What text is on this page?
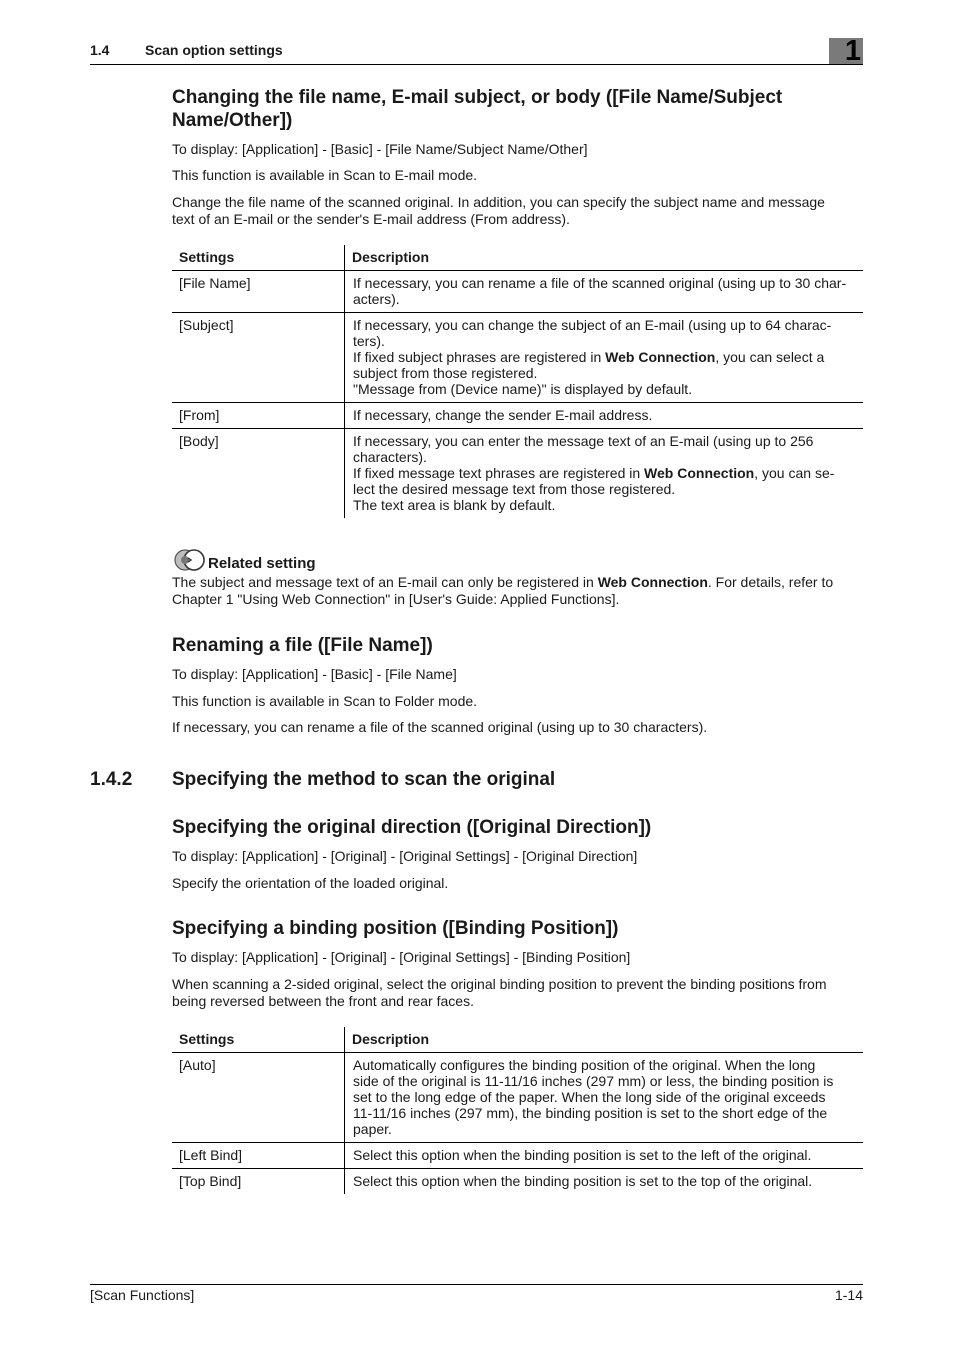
1.4	Scan option settings	1
Changing the file name, E-mail subject, or body ([File Name/Subject
Name/Other])
To display: [Application] - [Basic] - [File Name/Subject Name/Other]
This function is available in Scan to E-mail mode.
Change the file name of the scanned original. In addition, you can specify the subject name and message
text of an E-mail or the sender's E-mail address (From address).
Settings	Description
[File Name]	If necessary, you can rename a file of the scanned original (using up to 30 char-
acters).

[Subject]	If necessary, you can change the subject of an E-mail (using up to 64 charac-
ters).
If fixed subject phrases are registered in Web Connection, you can select a
subject from those registered.
"Message from (Device name)" is displayed by default.

[From]	If necessary, change the sender E-mail address.
[Body]	If necessary, you can enter the message text of an E-mail (using up to 256
characters).
If fixed message text phrases are registered in Web Connection, you can se-
lect the desired message text from those registered.
The text area is blank by default.
Related setting
The subject and message text of an E-mail can only be registered in Web Connection. For details, refer to
Chapter 1 "Using Web Connection" in [User's Guide: Applied Functions].
Renaming a file ([File Name])
To display: [Application] - [Basic] - [File Name]
This function is available in Scan to Folder mode.
If necessary, you can rename a file of the scanned original (using up to 30 characters).
1.4.2 Specifying the method to scan the original
Specifying the original direction ([Original Direction])
To display: [Application] - [Original] - [Original Settings] - [Original Direction]
Specify the orientation of the loaded original.
Specifying a binding position ([Binding Position])
To display: [Application] - [Original] - [Original Settings] - [Binding Position]
When scanning a 2-sided original, select the original binding position to prevent the binding positions from
being reversed between the front and rear faces.
Settings	Description
[Auto]	Automatically configures the binding position of the original. When the long
side of the original is 11-11/16 inches (297 mm) or less, the binding position is
set to the long edge of the paper. When the long side of the original exceeds
11-11/16 inches (297 mm), the binding position is set to the short edge of the
paper.

[Left Bind]	Select this option when the binding position is set to the left of the original.
[Top Bind]	Select this option when the binding position is set to the top of the original.
[Scan Functions]	1-14
